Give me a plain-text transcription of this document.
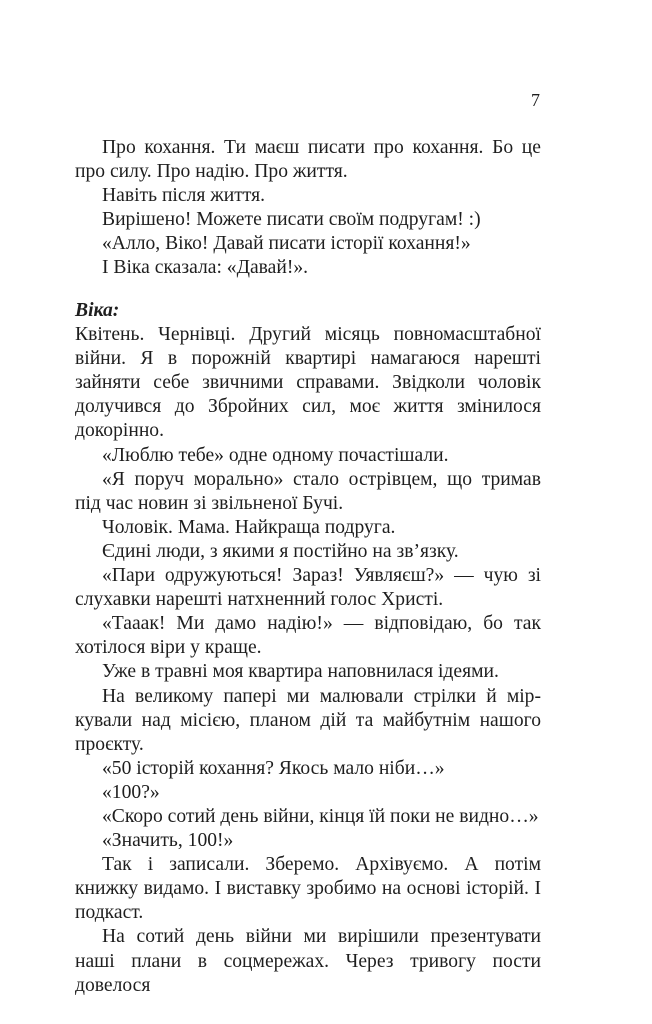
7

Про кохання. Ти маєш писати про кохання. Бо це про силу. Про надію. Про життя.

Навіть після життя.

Вирішено! Можете писати своїм подругам! :)

«Алло, Віко! Давай писати історії кохання!»

І Віка сказала: «Давай!».

Віка:

Квітень. Чернівці. Другий місяць повномасштабної війни. Я в порожній квартирі намагаюся нарешті зайняти себе звичними справами. Звідколи чоловік долучився до Збройних сил, моє життя змінилося докорінно.

«Люблю тебе» одне одному почастішали.

«Я поруч морально» стало острівцем, що тримав під час новин зі звільненої Бучі.

Чоловік. Мама. Найкраща подруга.

Єдині люди, з якими я постійно на зв’язку.

«Пари одружуються! Зараз! Уявляєш?» — чую зі слухавки нарешті натхненний голос Христі.

«Тааак! Ми дамо надію!» — відповідаю, бо так хотілося віри у краще.

Уже в травні моя квартира наповнилася ідеями.

На великому папері ми малювали стрілки й міркували над місією, планом дій та майбутнім нашого проєкту.

«50 історій кохання? Якось мало ніби…»

«100?»

«Скоро сотий день війни, кінця їй поки не видно…»

«Значить, 100!»

Так і записали. Зберемо. Архівуємо. А потім книжку видамо. І виставку зробимо на основі історій. І подкаст.

На сотий день війни ми вирішили презентувати наші плани в соцмережах. Через тривогу пости довелося
